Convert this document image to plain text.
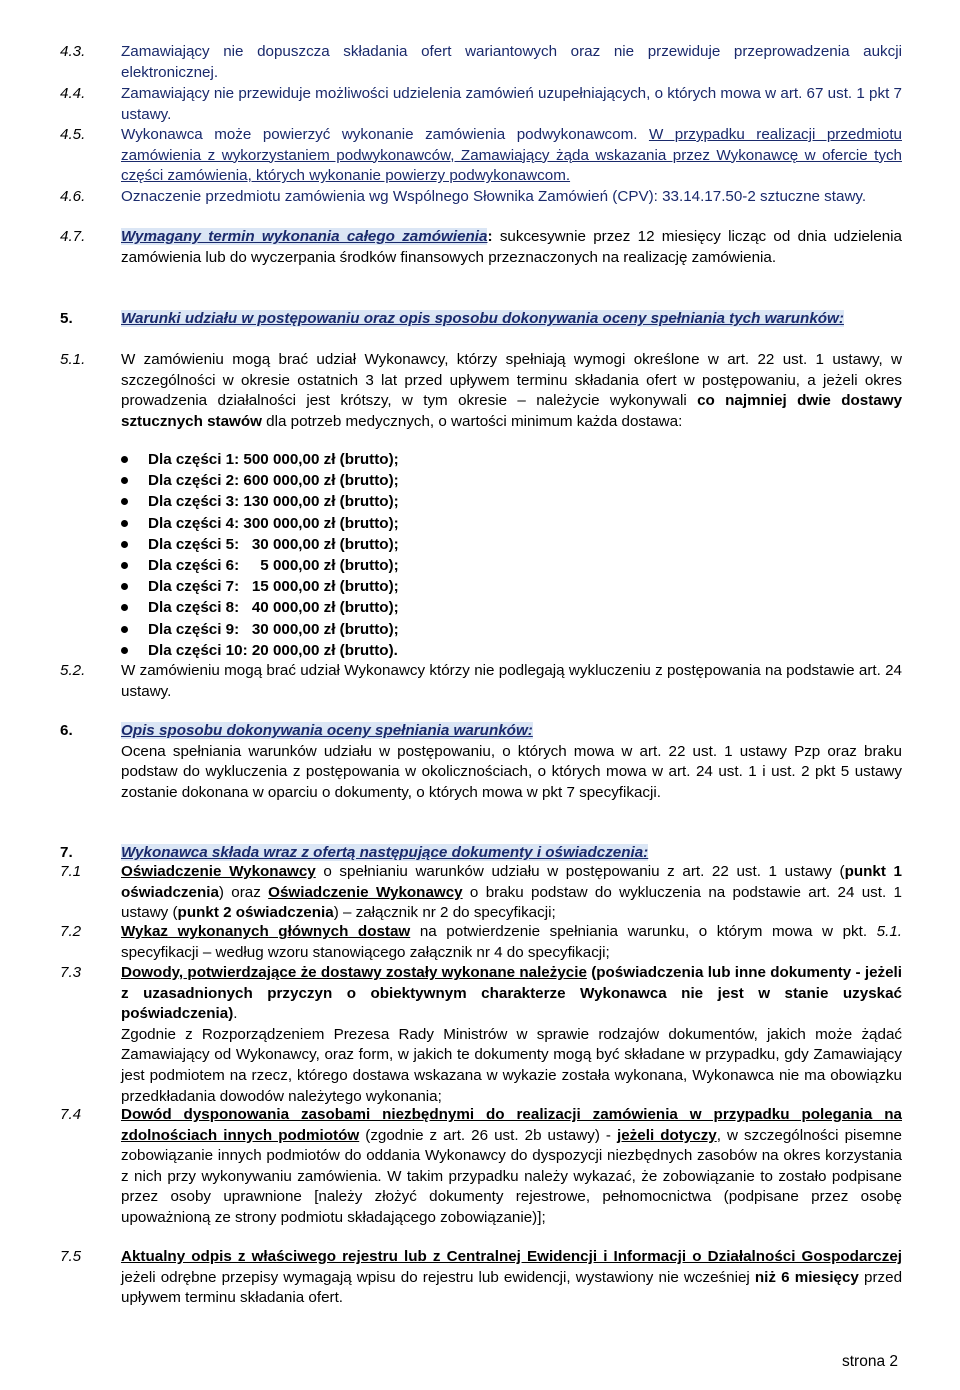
4.3.	Zamawiający nie dopuszcza składania ofert wariantowych oraz nie przewiduje przeprowadzenia aukcji elektronicznej.
4.4.	Zamawiający nie przewiduje możliwości udzielenia zamówień uzupełniających, o których mowa w art. 67 ust. 1 pkt 7 ustawy.
4.5.	Wykonawca może powierzyć wykonanie zamówienia podwykonawcom. W przypadku realizacji przedmiotu zamówienia z wykorzystaniem podwykonawców, Zamawiający żąda wskazania przez Wykonawcę w ofercie tych części zamówienia, których wykonanie powierzy podwykonawcom.
4.6.	Oznaczenie przedmiotu zamówienia wg Wspólnego Słownika Zamówień (CPV): 33.14.17.50-2 sztuczne stawy.
4.7.	Wymagany termin wykonania całego zamówienia: sukcesywnie przez 12 miesięcy licząc od dnia udzielenia zamówienia lub do wyczerpania środków finansowych przeznaczonych na realizację zamówienia.
5.	Warunki udziału w postępowaniu oraz opis sposobu dokonywania oceny spełniania tych warunków:
5.1.	W zamówieniu mogą brać udział Wykonawcy, którzy spełniają wymogi określone w art. 22 ust. 1 ustawy, w szczególności w okresie ostatnich 3 lat przed upływem terminu składania ofert w postępowaniu, a jeżeli okres prowadzenia działalności jest krótszy, w tym okresie – należycie wykonywali co najmniej dwie dostawy sztucznych stawów dla potrzeb medycznych, o wartości minimum każda dostawa:
Dla części 1: 500 000,00 zł (brutto);
Dla części 2: 600 000,00 zł (brutto);
Dla części 3: 130 000,00 zł (brutto);
Dla części 4: 300 000,00 zł (brutto);
Dla części 5:   30 000,00 zł (brutto);
Dla części 6:     5 000,00 zł (brutto);
Dla części 7:   15 000,00 zł (brutto);
Dla części 8:   40 000,00 zł (brutto);
Dla części 9:   30 000,00 zł (brutto);
Dla części 10: 20 000,00 zł (brutto).
5.2.	W zamówieniu mogą brać udział Wykonawcy którzy nie podlegają wykluczeniu z postępowania na podstawie art. 24 ustawy.
6.	Opis sposobu dokonywania oceny spełniania warunków:
Ocena spełniania warunków udziału w postępowaniu, o których mowa w art. 22 ust. 1 ustawy Pzp oraz braku podstaw do wykluczenia z postępowania w okolicznościach, o których mowa w art. 24 ust. 1 i ust. 2 pkt 5 ustawy zostanie dokonana w oparciu o dokumenty, o których mowa w pkt 7 specyfikacji.
7.	Wykonawca składa wraz z ofertą następujące dokumenty i oświadczenia:
7.1	Oświadczenie Wykonawcy o spełnianiu warunków udziału w postępowaniu z art. 22 ust. 1 ustawy (punkt 1 oświadczenia) oraz Oświadczenie Wykonawcy o braku podstaw do wykluczenia na podstawie art. 24 ust. 1 ustawy (punkt 2 oświadczenia) – załącznik nr 2 do specyfikacji;
7.2	Wykaz wykonanych głównych dostaw na potwierdzenie spełniania warunku, o którym mowa w pkt. 5.1. specyfikacji – według wzoru stanowiącego załącznik nr 4 do specyfikacji;
7.3	Dowody, potwierdzające że dostawy zostały wykonane należycie (poświadczenia lub inne dokumenty - jeżeli z uzasadnionych przyczyn o obiektywnym charakterze Wykonawca nie jest w stanie uzyskać poświadczenia).
Zgodnie z Rozporządzeniem Prezesa Rady Ministrów w sprawie rodzajów dokumentów, jakich może żądać Zamawiający od Wykonawcy, oraz form, w jakich te dokumenty mogą być składane w przypadku, gdy Zamawiający jest podmiotem na rzecz, którego dostawa wskazana w wykazie została wykonana, Wykonawca nie ma obowiązku przedkładania dowodów należytego wykonania;
7.4	Dowód dysponowania zasobami niezbędnymi do realizacji zamówienia w przypadku polegania na zdolnościach innych podmiotów (zgodnie z art. 26 ust. 2b ustawy) - jeżeli dotyczy, w szczególności pisemne zobowiązanie innych podmiotów do oddania Wykonawcy do dyspozycji niezbędnych zasobów na okres korzystania z nich przy wykonywaniu zamówienia. W takim przypadku należy wykazać, że zobowiązanie to zostało podpisane przez osoby uprawnione [należy złożyć dokumenty rejestrowe, pełnomocnictwa (podpisane przez osobę upoważnioną ze strony podmiotu składającego zobowiązanie)];
7.5	Aktualny odpis z właściwego rejestru lub z Centralnej Ewidencji i Informacji o Działalności Gospodarczej jeżeli odrębne przepisy wymagają wpisu do rejestru lub ewidencji, wystawiony nie wcześniej niż 6 miesięcy przed upływem terminu składania ofert.
strona 2
